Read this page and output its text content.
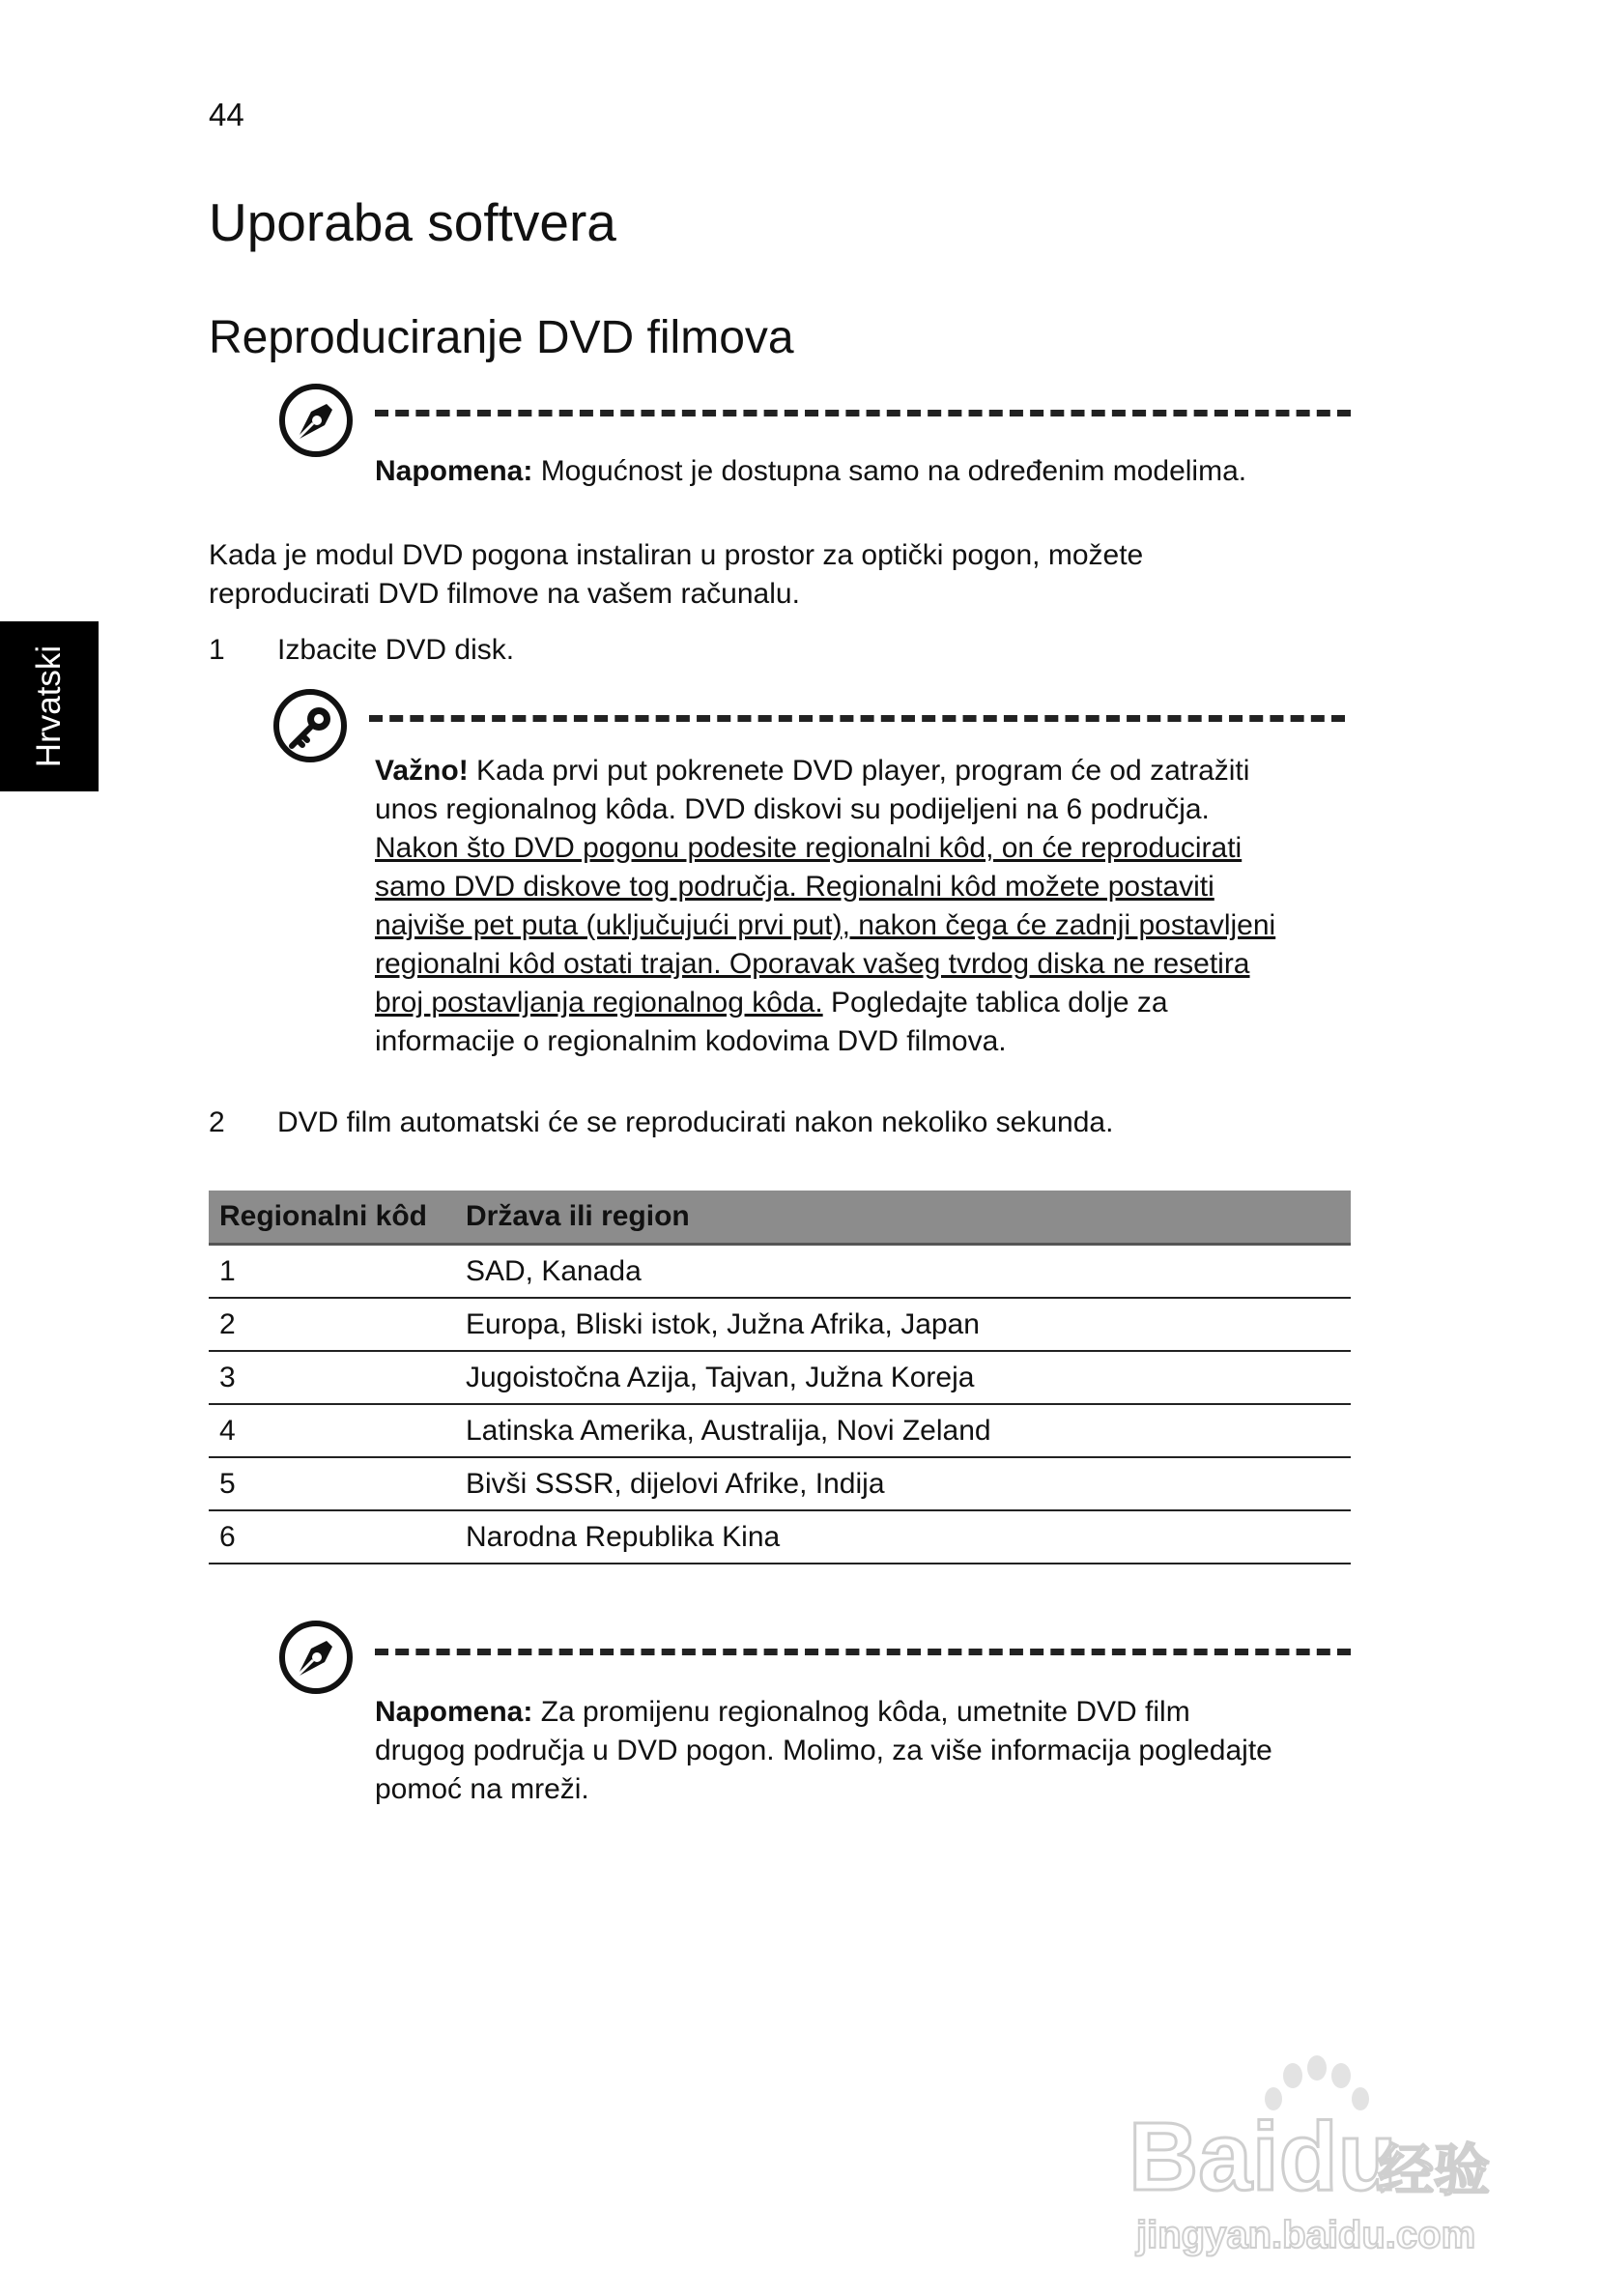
44
Hrvatski
Uporaba softvera
Reproduciranje DVD filmova
Napomena: Mogućnost je dostupna samo na određenim modelima.
Kada je modul DVD pogona instaliran u prostor za optički pogon, možete
reproducirati DVD filmove na vašem računalu.
1 Izbacite DVD disk.
Važno! Kada prvi put pokrenete DVD player, program će od zatražiti
unos regionalnog kôda. DVD diskovi su podijeljeni na 6 područja.
Nakon što DVD pogonu podesite regionalni kôd, on će reproducirati
samo DVD diskove tog područja. Regionalni kôd možete postaviti
najviše pet puta (uključujući prvi put), nakon čega će zadnji postavljeni
regionalni kôd ostati trajan. Oporavak vašeg tvrdog diska ne resetira
broj postavljanja regionalnog kôda. Pogledajte tablica dolje za
informacije o regionalnim kodovima DVD filmova.
2 DVD film automatski će se reproducirati nakon nekoliko sekunda.
Regionalni kôd	Država ili region
1	SAD, Kanada
2	Europa, Bliski istok, Južna Afrika, Japan
3	Jugoistočna Azija, Tajvan, Južna Koreja
4	Latinska Amerika, Australija, Novi Zeland
5	Bivši SSSR, dijelovi Afrike, Indija
6	Narodna Republika Kina
Napomena: Za promijenu regionalnog kôda, umetnite DVD film
drugog područja u DVD pogon. Molimo, za više informacija pogledajte
pomoć na mreži.
Baidu
经验
jingyan.baidu.com
